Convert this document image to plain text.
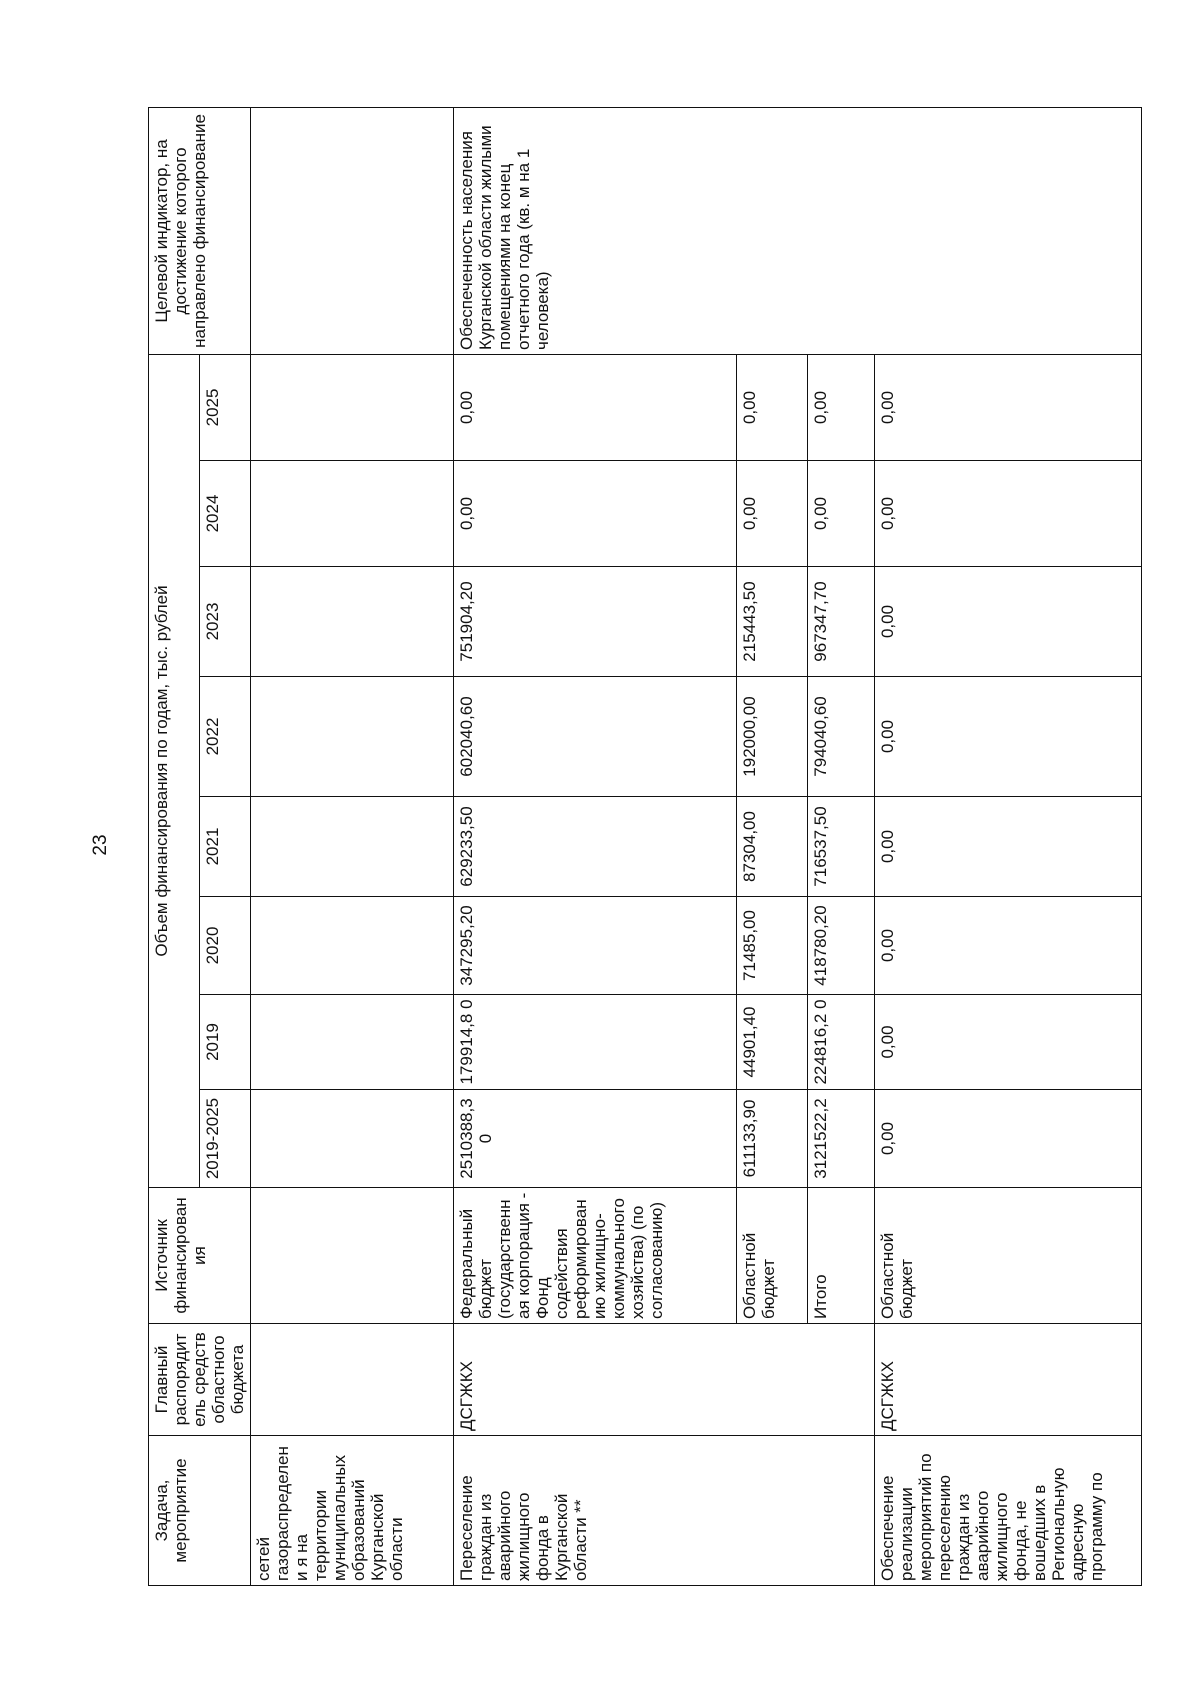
23
Задача, мероприятие	Главный распорядит ель средств областного бюджета	Источник финансирован ия	Объем финансирования по годам, тыс. рублей								Целевой индикатор, на достижение которого направлено финансирование
			2019-2025	2019	2020	2021	2022	2023	2024	2025	
сетей газораспределени я на территории муниципальных образований Курганской области											
Переселение граждан из аварийного жилищного фонда в Курганской области **	ДСГЖКХ	Федеральный бюджет (государственн ая корпорация - Фонд содействия реформирован ию жилищно-коммунального хозяйства) (по согласованию)	2510388,3 0	179914,8 0	347295,20	629233,50	602040,60	751904,20	0,00	0,00	Обеспеченность населения Курганской области жилыми помещениями на конец отчетного года (кв. м на 1 человека)
		Областной бюджет	611133,90	44901,40	71485,00	87304,00	192000,00	215443,50	0,00	0,00	
		Итого	3121522,2	224816,2 0	418780,20	716537,50	794040,60	967347,70	0,00	0,00	
Обеспечение реализации мероприятий по переселению граждан из аварийного жилищного фонда, не вошедших в Региональную адресную программу по	ДСГЖКХ	Областной бюджет	0,00	0,00	0,00	0,00	0,00	0,00	0,00	0,00	
